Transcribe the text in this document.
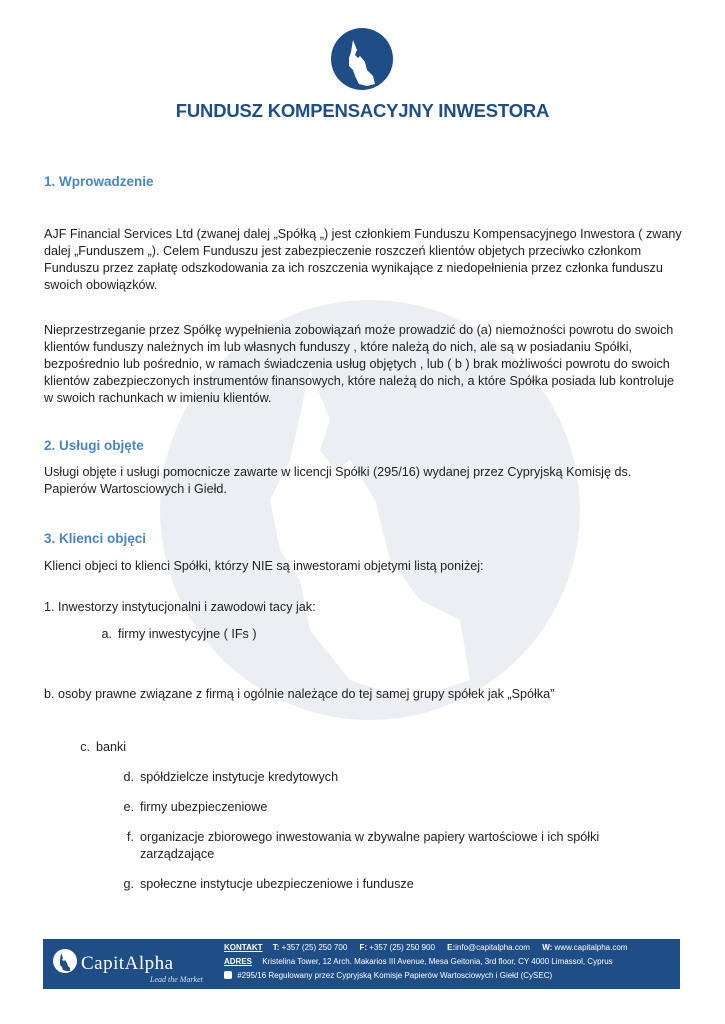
FUNDUSZ KOMPENSACYJNY INWESTORA
1. Wprowadzenie
AJF Financial Services Ltd (zwanej dalej „Spółką „) jest członkiem Funduszu Kompensacyjnego Inwestora ( zwany dalej „Funduszem „). Celem Funduszu jest zabezpieczenie roszczeń klientów objetych przeciwko członkom Funduszu przez zapłatę odszkodowania za ich roszczenia wynikające z niedopełnienia przez członka funduszu swoich obowiązków.
Nieprzestrzeganie przez Spółkę wypełnienia zobowiązań może prowadzić do (a) niemożności powrotu do swoich klientów funduszy należnych im lub własnych funduszy , które należą do nich, ale są w posiadaniu Spółki, bezpośrednio lub pośrednio, w ramach świadczenia usług objętych , lub ( b ) brak możliwości powrotu do swoich klientów zabezpieczonych instrumentów finansowych, które należą do nich, a które Spółka posiada lub kontroluje w swoich rachunkach w imieniu klientów.
2. Usługi objęte
Usługi objęte i usługi pomocnicze zawarte w licencji Spółki (295/16) wydanej przez Cypryjską Komisję ds. Papierów Wartosciowych i Giełd.
3. Klienci objęci
Klienci objeci to klienci Spółki, którzy NIE są inwestorami objetymi listą poniżej:
1. Inwestorzy instytucjonalni i zawodowi tacy jak:
a. firmy inwestycyjne ( IFs )
b. osoby prawne związane z firmą i ogólnie należące do tej samej grupy spółek jak „Spółka”
c. banki
d. spółdzielcze instytucje kredytowych
e. firmy ubezpieczeniowe
f. organizacje zbiorowego inwestowania w zbywalne papiery wartościowe i ich spółki zarządzające
g. społeczne instytucje ubezpieczeniowe i fundusze
CapitAlpha
Lead the Market
KONTAKT T: +357 (25) 250 700 F: +357 (25) 250 900 E:info@capitalpha.com W: www.capitalpha.com
ADRES Kristelina Tower, 12 Arch. Makarios III Avenue, Mesa Geitonia, 3rd floor, CY 4000 Limassol, Cyprus
#295/16 Regulowany przez Cypryjską Komisje Papierów Wartosciowych i Giełd (CySEC)
